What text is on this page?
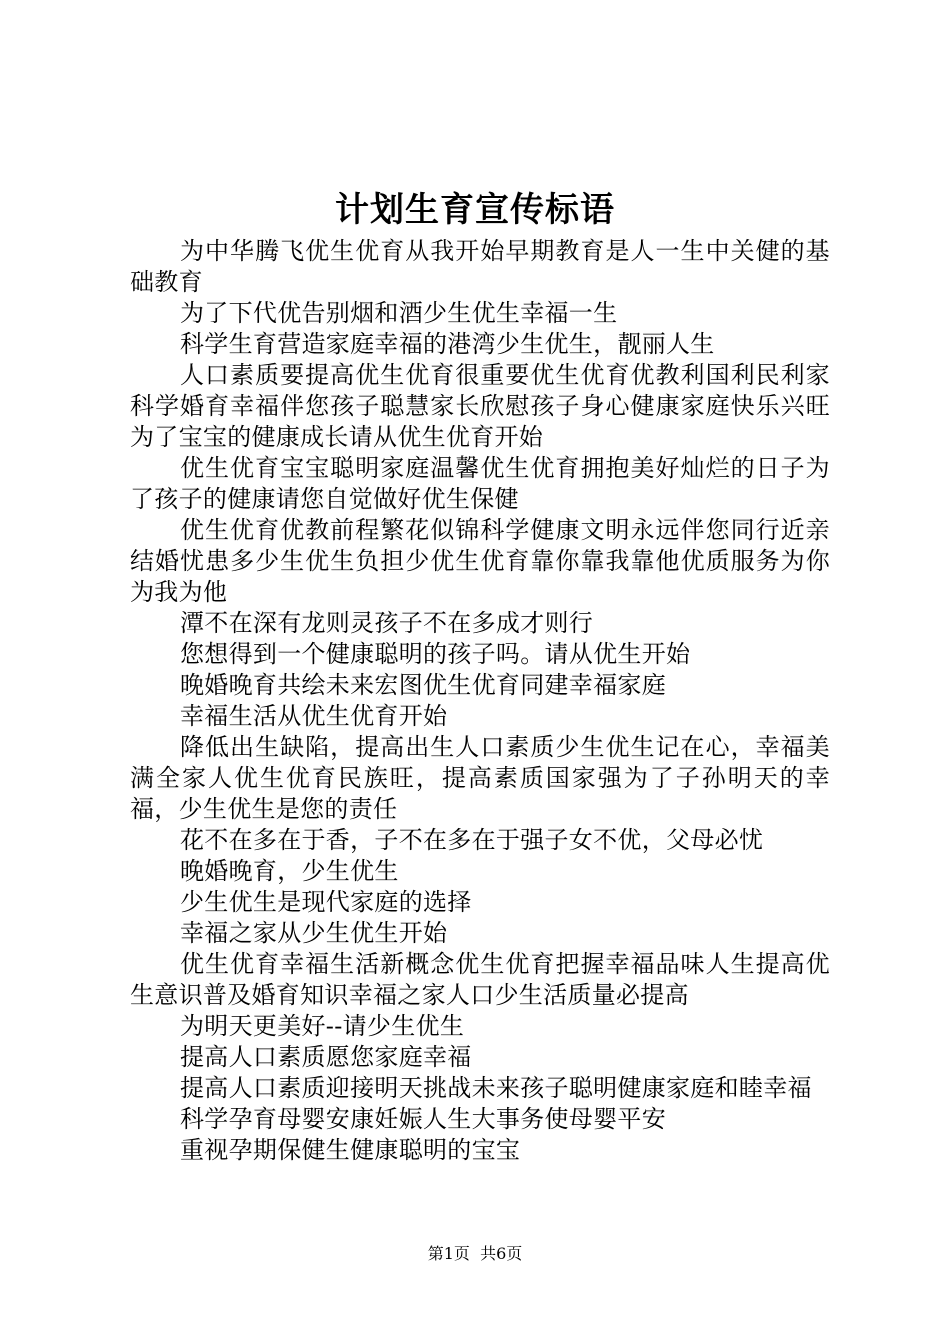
计划生育宣传标语

为中华腾飞优生优育从我开始早期教育是人一生中关健的基础教育

为了下代优告别烟和酒少生优生幸福一生

科学生育营造家庭幸福的港湾少生优生，靓丽人生

人口素质要提高优生优育很重要优生优育优教利国利民利家科学婚育幸福伴您孩子聪慧家长欣慰孩子身心健康家庭快乐兴旺为了宝宝的健康成长请从优生优育开始

优生优育宝宝聪明家庭温馨优生优育拥抱美好灿烂的日子为了孩子的健康请您自觉做好优生保健

优生优育优教前程繁花似锦科学健康文明永远伴您同行近亲结婚忧患多少生优生负担少优生优育靠你靠我靠他优质服务为你为我为他

潭不在深有龙则灵孩子不在多成才则行

您想得到一个健康聪明的孩子吗。请从优生开始

晚婚晚育共绘未来宏图优生优育同建幸福家庭

幸福生活从优生优育开始

降低出生缺陷，提高出生人口素质少生优生记在心，幸福美满全家人优生优育民族旺，提高素质国家强为了子孙明天的幸福，少生优生是您的责任

花不在多在于香，子不在多在于强子女不优，父母必忧

晚婚晚育，少生优生

少生优生是现代家庭的选择

幸福之家从少生优生开始

优生优育幸福生活新概念优生优育把握幸福品味人生提高优生意识普及婚育知识幸福之家人口少生活质量必提高

为明天更美好--请少生优生

提高人口素质愿您家庭幸福

提高人口素质迎接明天挑战未来孩子聪明健康家庭和睦幸福

科学孕育母婴安康妊娠人生大事务使母婴平安

重视孕期保健生健康聪明的宝宝

第1页  共6页
